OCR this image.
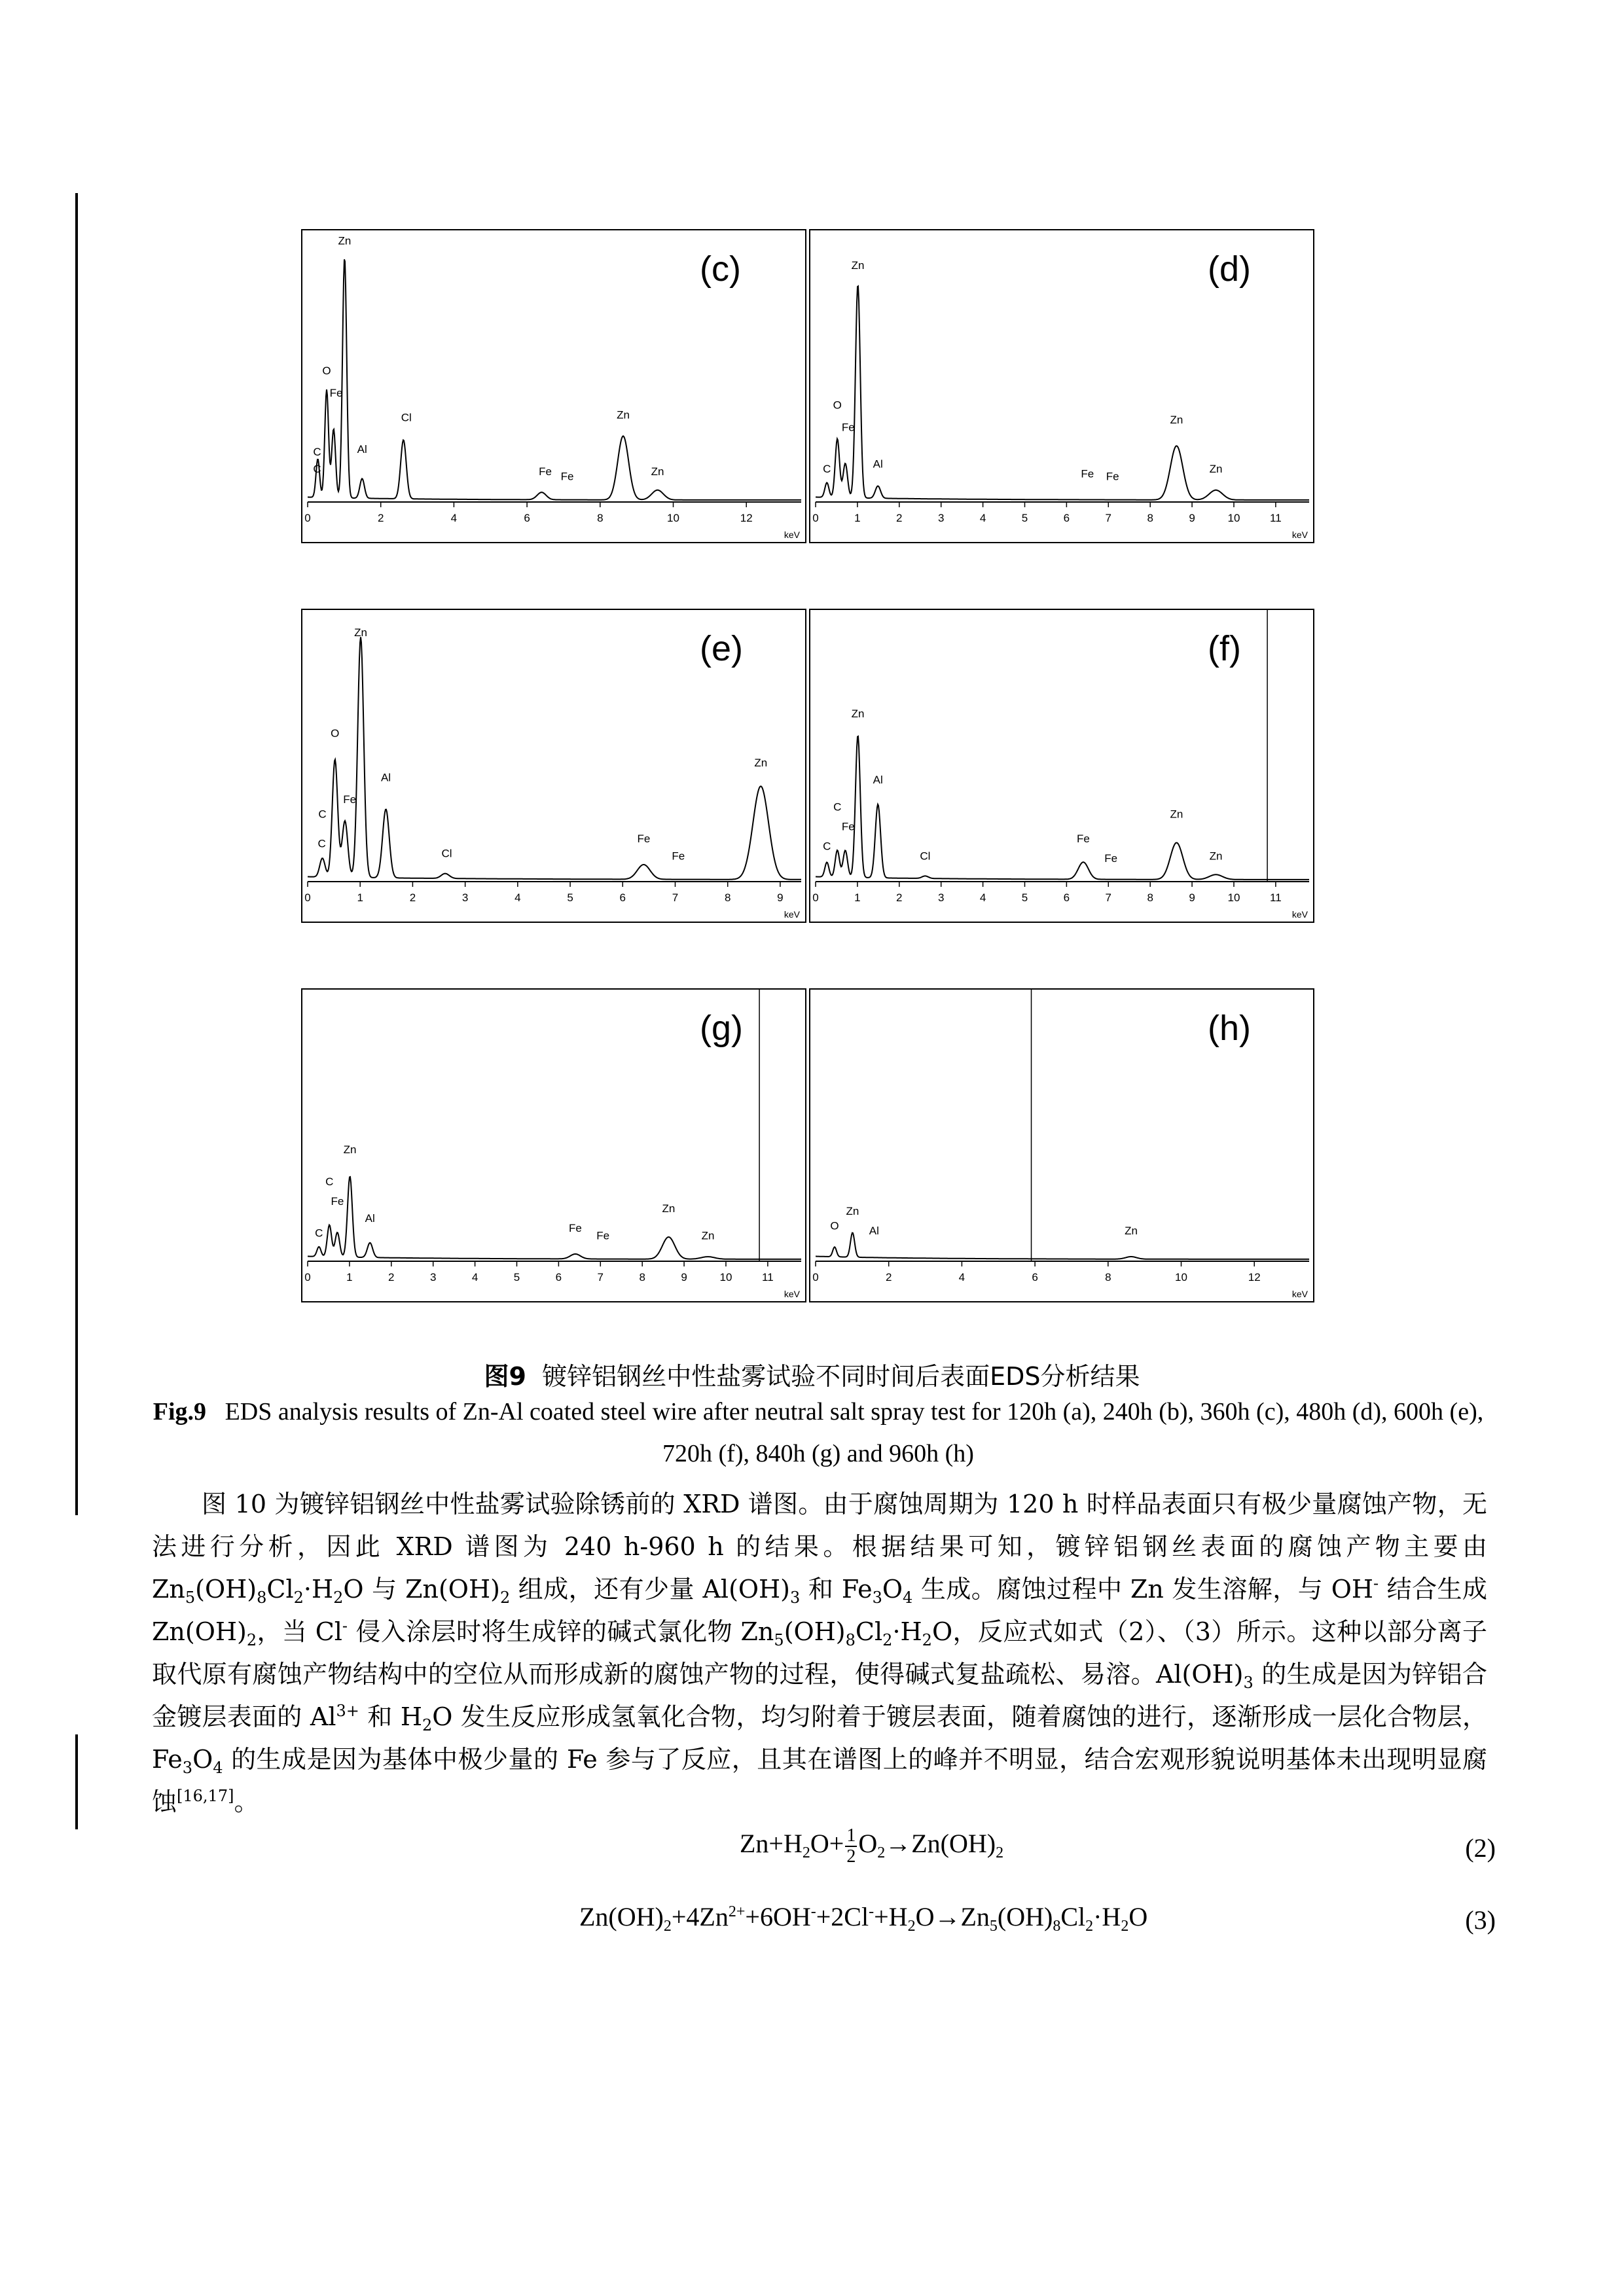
(c)
0	2	4	6	8	10	12
keV
C
C
O
Fe
Zn
Al
Cl
Fe Fe
Zn
Zn
(d)
0	1	2	3	4	5	6	7	8	9	10	11
keV
C
O
Fe
Zn
Al
Fe Fe
Zn
Zn
(e)
0	1	2	3	4	5	6	7	8	9
keV
C
C
O
Fe
Zn
Al
Cl
Fe
Fe
Zn
(f)
0	1	2	3	4	5	6	7	8	9	10	11
keV
C
C
Fe
Zn
Al
Cl
Fe
Fe
Zn
Zn
(g)
0	1	2	3	4	5	6	7	8	9	10	11
keV
C
C
Fe
Zn
Al
Fe
Fe
Zn
Zn
(h)
0	2	4	6	8	10	12
keV
O
Zn
Al	Zn
图9 镀锌铝钢丝中性盐雾试验不同时间后表面EDS分析结果
Fig.9 EDS analysis results of Zn-Al coated steel wire after neutral salt spray test for 120h (a), 240h (b), 360h (c), 480h (d), 600h (e), 720h (f), 840h (g) and 960h (h)
图 10 为镀锌铝钢丝中性盐雾试验除锈前的 XRD 谱图。由于腐蚀周期为 120 h 时样品表面只有极少量腐蚀产物，无法进行分析，因此 XRD 谱图为 240 h-960 h 的结果。根据结果可知，镀锌铝钢丝表面的腐蚀产物主要由 $Zn_5(OH)_8Cl_2\cdot H_2O$ 与 $Zn(OH)_2$ 组成，还有少量 $Al(OH)_3$ 和 $Fe_3O_4$ 生成。腐蚀过程中 Zn 发生溶解，与 OH- 结合生成 $Zn(OH)_2$，当 Cl- 侵入涂层时将生成锌的碱式氯化物 $Zn_5(OH)_8Cl_2\cdot H_2O$，反应式如式（2）、（3）所示。这种以部分离子取代原有腐蚀产物结构中的空位从而形成新的腐蚀产物的过程，使得碱式复盐疏松、易溶。$Al(OH)_3$ 的生成是因为锌铝合金镀层表面的 $Al^{3+}$ 和 $H_2O$ 发生反应形成氢氧化合物，均匀附着于镀层表面，随着腐蚀的进行，逐渐形成一层化合物层，$Fe_3O_4$ 的生成是因为基体中极少量的 Fe 参与了反应，且其在谱图上的峰并不明显，结合宏观形貌说明基体未出现明显腐蚀[16,17]。
$Zn+H_2O+ \frac{1}{2} O_2\to Zn(OH)_2$	(2)
$Zn(OH)_2+4Zn^{2+}+6OH^-+2Cl^-+H_2O\to Zn_5(OH)_8Cl_2\cdot H_2O$	(3)
